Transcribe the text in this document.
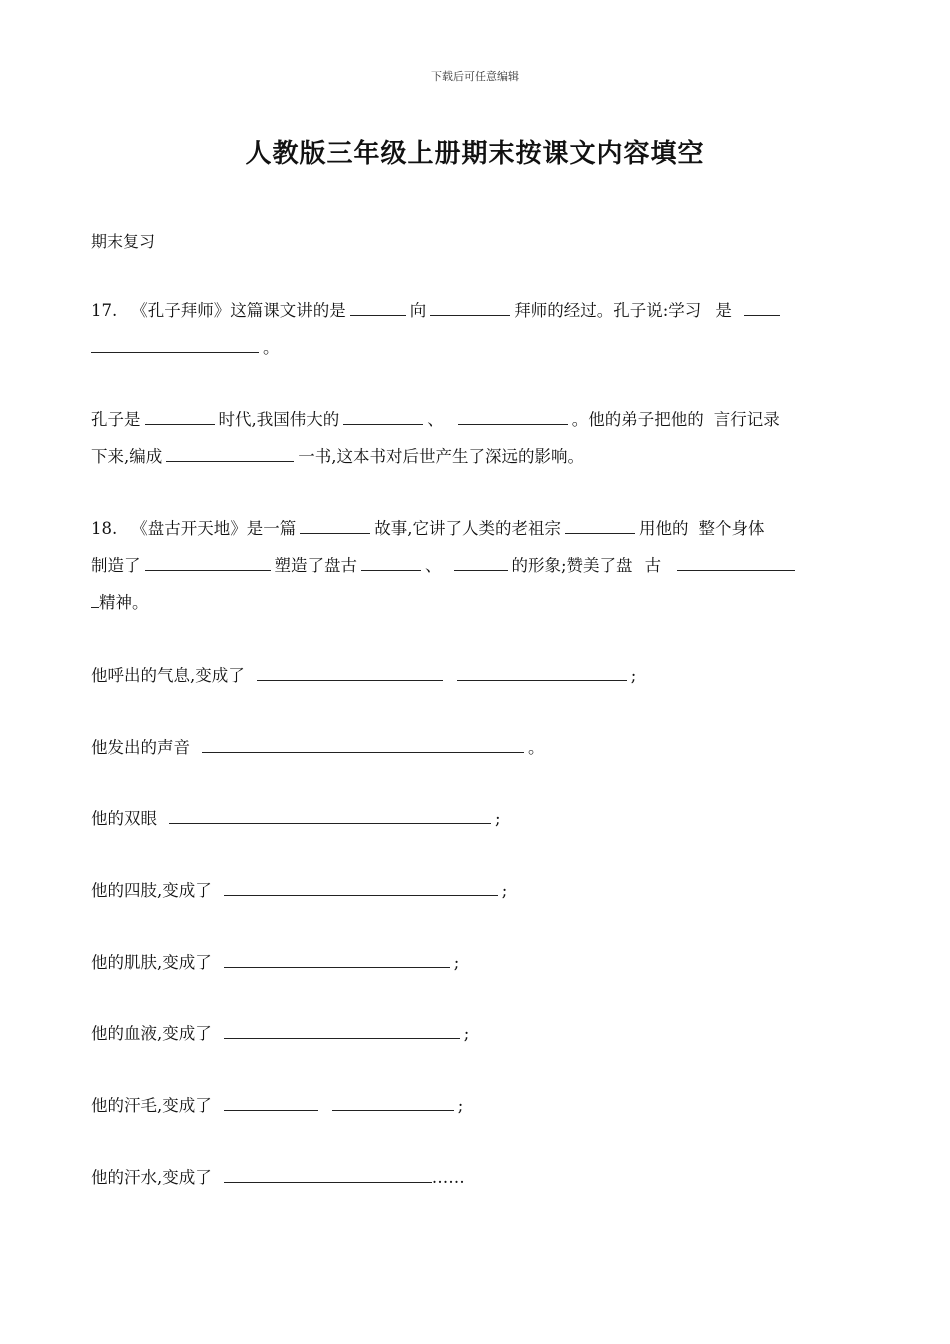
下载后可任意编辑
人教版三年级上册期末按课文内容填空
期末复习
17. 《孔子拜师》这篇课文讲的是	向	拜师的经过。孔子说:学习 是
。
孔子是	时代,我国伟大的	、	。他的弟子把他的 言行记录
下来,编成	一书,这本书对后世产生了深远的影响。
18. 《盘古开天地》是一篇	故事,它讲了人类的老祖宗	用他的 整个身体
制造了	塑造了盘古	、	的形象;赞美了盘 古
精神。
他呼出的气息,变成了	;
他发出的声音	。
他的双眼	;
他的四肢,变成了	;
他的肌肤,变成了	;
他的血液,变成了	;
他的汗毛,变成了	;
他的汗水,变成了	……
